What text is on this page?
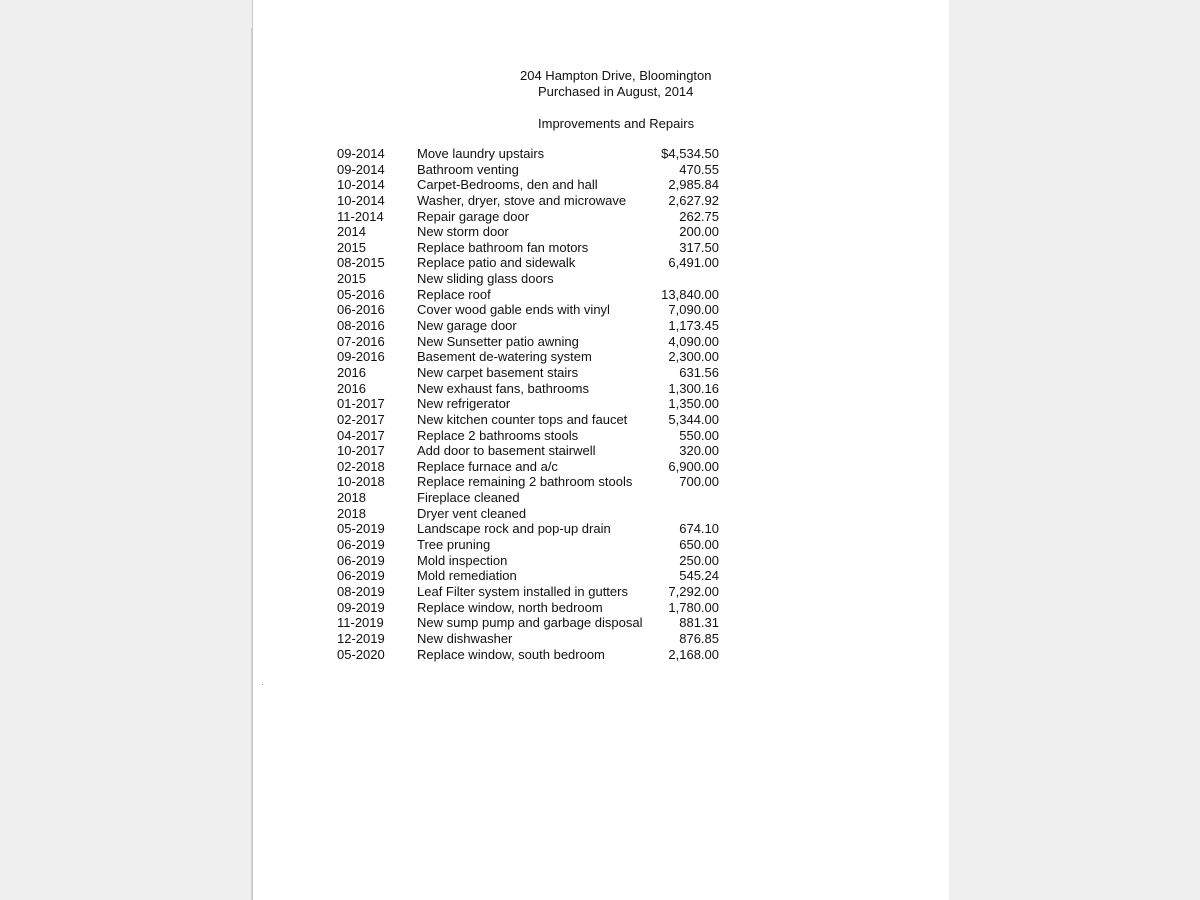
204 Hampton Drive, Bloomington
Purchased in August, 2014
Improvements and Repairs
09-2014 Move laundry upstairs	$4,534.50
09-2014 Bathroom venting	470.55
10-2014 Carpet-Bedrooms, den and hall	2,985.84
10-2014 Washer, dryer, stove and microwave	2,627.92
11-2014	Repair garage door	262.75
2014	New storm door	200.00
2015	Replace bathroom fan motors	317.50
08-2015 Replace patio and sidewalk	6,491.00
2015	New sliding glass doors
05-2016 Replace roof	13,840.00
06-2016 Cover wood gable ends with vinyl	7,090.00
08-2016 New garage door	1,173.45
07-2016 New Sunsetter patio awning	4,090.00
09-2016 Basement de-watering system	2,300.00
2016	New carpet basement stairs	631.56
2016	New exhaust fans, bathrooms	1,300.16
01-2017 New refrigerator	1,350.00
02-2017 New kitchen counter tops and faucet	5,344.00
04-2017 Replace 2 bathrooms stools	550.00
10-2017 Add door to basement stairwell	320.00
02-2018 Replace furnace and a/c	6,900.00
10-2018 Replace remaining 2 bathroom stools	700.00
2018	Fireplace cleaned
2018	Dryer vent cleaned
05-2019 Landscape rock and pop-up drain	674.10
06-2019 Tree pruning	650.00
06-2019 Mold inspection	250.00
06-2019 Mold remediation	545.24
08-2019 Leaf Filter system installed in gutters	7,292.00
09-2019 Replace window, north bedroom	1,780.00
11-2019	New sump pump and garbage disposal	881.31
12-2019 New dishwasher	876.85
05-2020 Replace window, south bedroom	2,168.00
